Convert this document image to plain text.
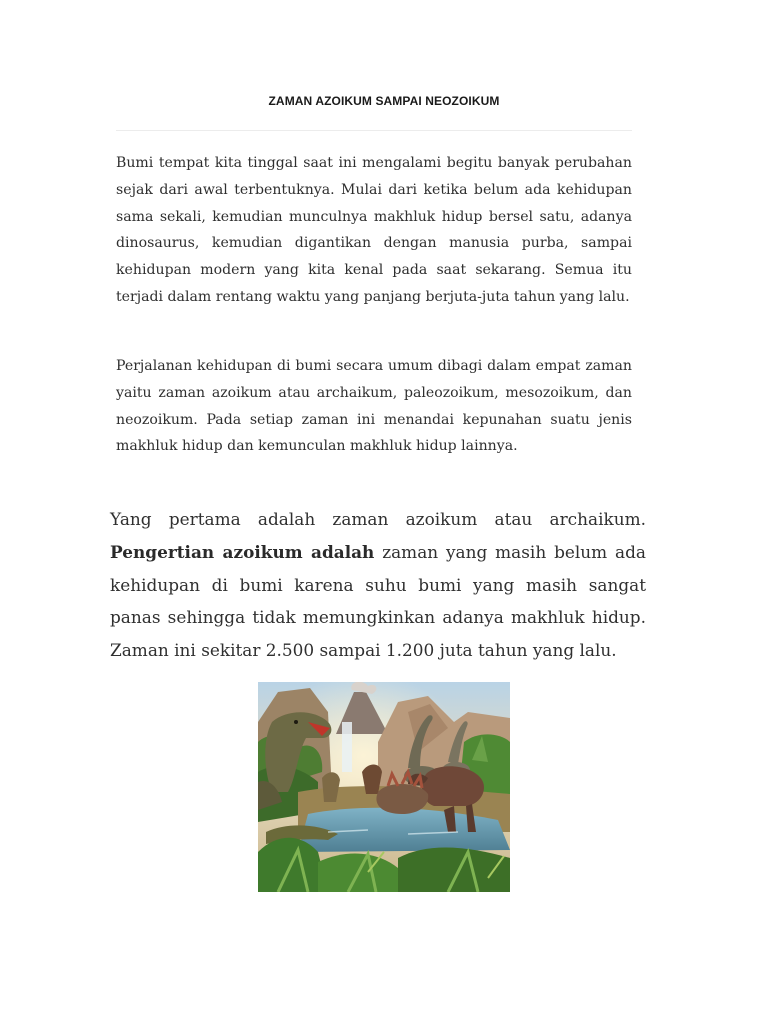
ZAMAN AZOIKUM SAMPAI NEOZOIKUM

Bumi tempat kita tinggal saat ini mengalami begitu banyak perubahan sejak dari awal terbentuknya. Mulai dari ketika belum ada kehidupan sama sekali, kemudian munculnya makhluk hidup bersel satu, adanya dinosaurus, kemudian digantikan dengan manusia purba, sampai kehidupan modern yang kita kenal pada saat sekarang. Semua itu terjadi dalam rentang waktu yang panjang berjuta-juta tahun yang lalu.

Perjalanan kehidupan di bumi secara umum dibagi dalam empat zaman yaitu zaman azoikum atau archaikum, paleozoikum, mesozoikum, dan neozoikum. Pada setiap zaman ini menandai kepunahan suatu jenis makhluk hidup dan kemunculan makhluk hidup lainnya.

Yang pertama adalah zaman azoikum atau archaikum. Pengertian azoikum adalah zaman yang masih belum ada kehidupan di bumi karena suhu bumi yang masih sangat panas sehingga tidak memungkinkan adanya makhluk hidup. Zaman ini sekitar 2.500 sampai 1.200 juta tahun yang lalu.
